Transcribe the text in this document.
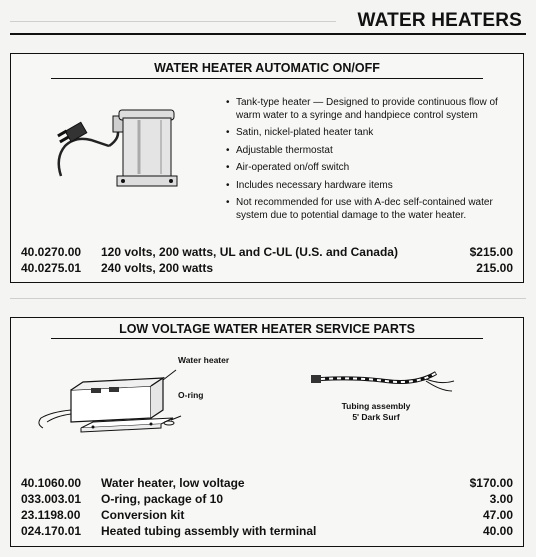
WATER HEATERS
WATER HEATER AUTOMATIC ON/OFF
• Tank-type heater — Designed to provide continuous flow of warm water to a syringe and handpiece control system
• Satin, nickel-plated heater tank
• Adjustable thermostat
• Air-operated on/off switch
• Includes necessary hardware items
• Not recommended for use with A-dec self-contained water system due to potential damage to the water heater.
40.0270.00 120 volts, 200 watts, UL and C-UL (U.S. and Canada)	$215.00
40.0275.01 240 volts, 200 watts	215.00
LOW VOLTAGE WATER HEATER SERVICE PARTS
Water heater
O-ring
Tubing assembly
5' Dark Surf
40.1060.00 Water heater, low voltage	$170.00
033.003.01 O-ring, package of 10	3.00
23.1198.00 Conversion kit	47.00
024.170.01 Heated tubing assembly with terminal	40.00
